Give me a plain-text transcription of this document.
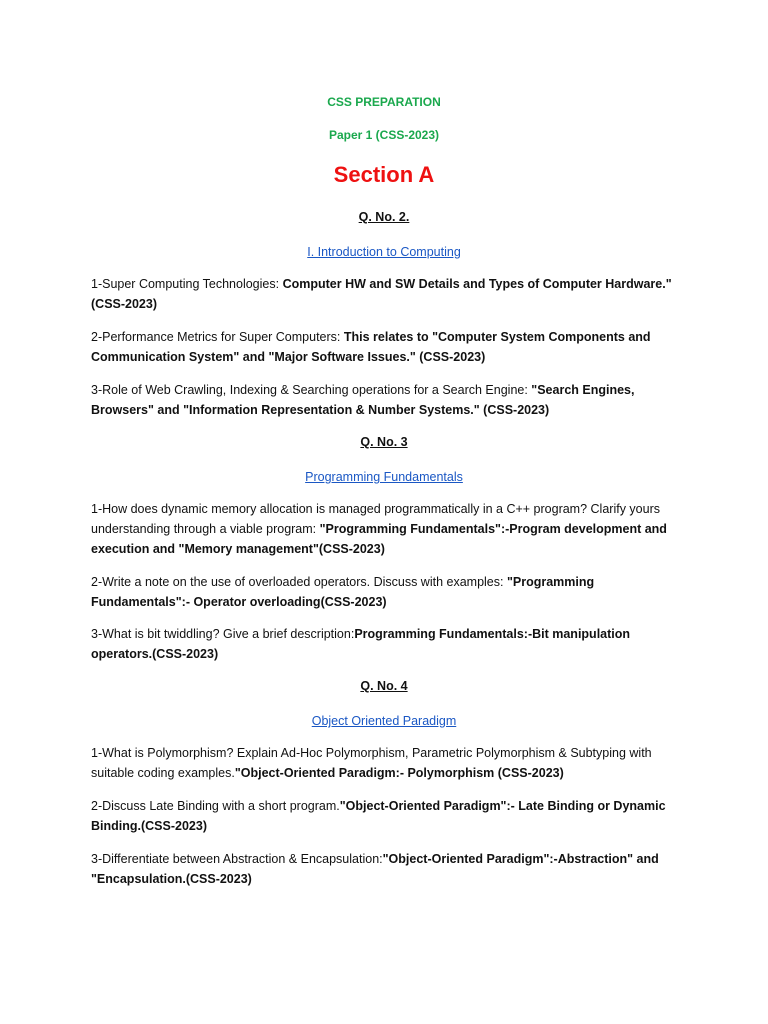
CSS PREPARATION
Paper 1 (CSS-2023)
Section A
Q. No. 2.
I. Introduction to Computing
1-Super Computing Technologies: Computer HW and SW Details and Types of Computer Hardware." (CSS-2023)
2-Performance Metrics for Super Computers: This relates to "Computer System Components and Communication System" and "Major Software Issues." (CSS-2023)
3-Role of Web Crawling, Indexing & Searching operations for a Search Engine: "Search Engines, Browsers" and "Information Representation & Number Systems." (CSS-2023)
Q. No. 3
Programming Fundamentals
1-How does dynamic memory allocation is managed programmatically in a C++ program? Clarify yours understanding through a viable program: "Programming Fundamentals":-Program development and execution and "Memory management"(CSS-2023)
2-Write a note on the use of overloaded operators. Discuss with examples: "Programming Fundamentals":- Operator overloading(CSS-2023)
3-What is bit twiddling? Give a brief description:Programming Fundamentals:-Bit manipulation operators.(CSS-2023)
Q. No. 4
Object Oriented Paradigm
1-What is Polymorphism? Explain Ad-Hoc Polymorphism, Parametric Polymorphism & Subtyping with suitable coding examples."Object-Oriented Paradigm:- Polymorphism (CSS-2023)
2-Discuss Late Binding with a short program."Object-Oriented Paradigm":- Late Binding or Dynamic Binding.(CSS-2023)
3-Differentiate between Abstraction & Encapsulation:"Object-Oriented Paradigm":-Abstraction" and "Encapsulation.(CSS-2023)
